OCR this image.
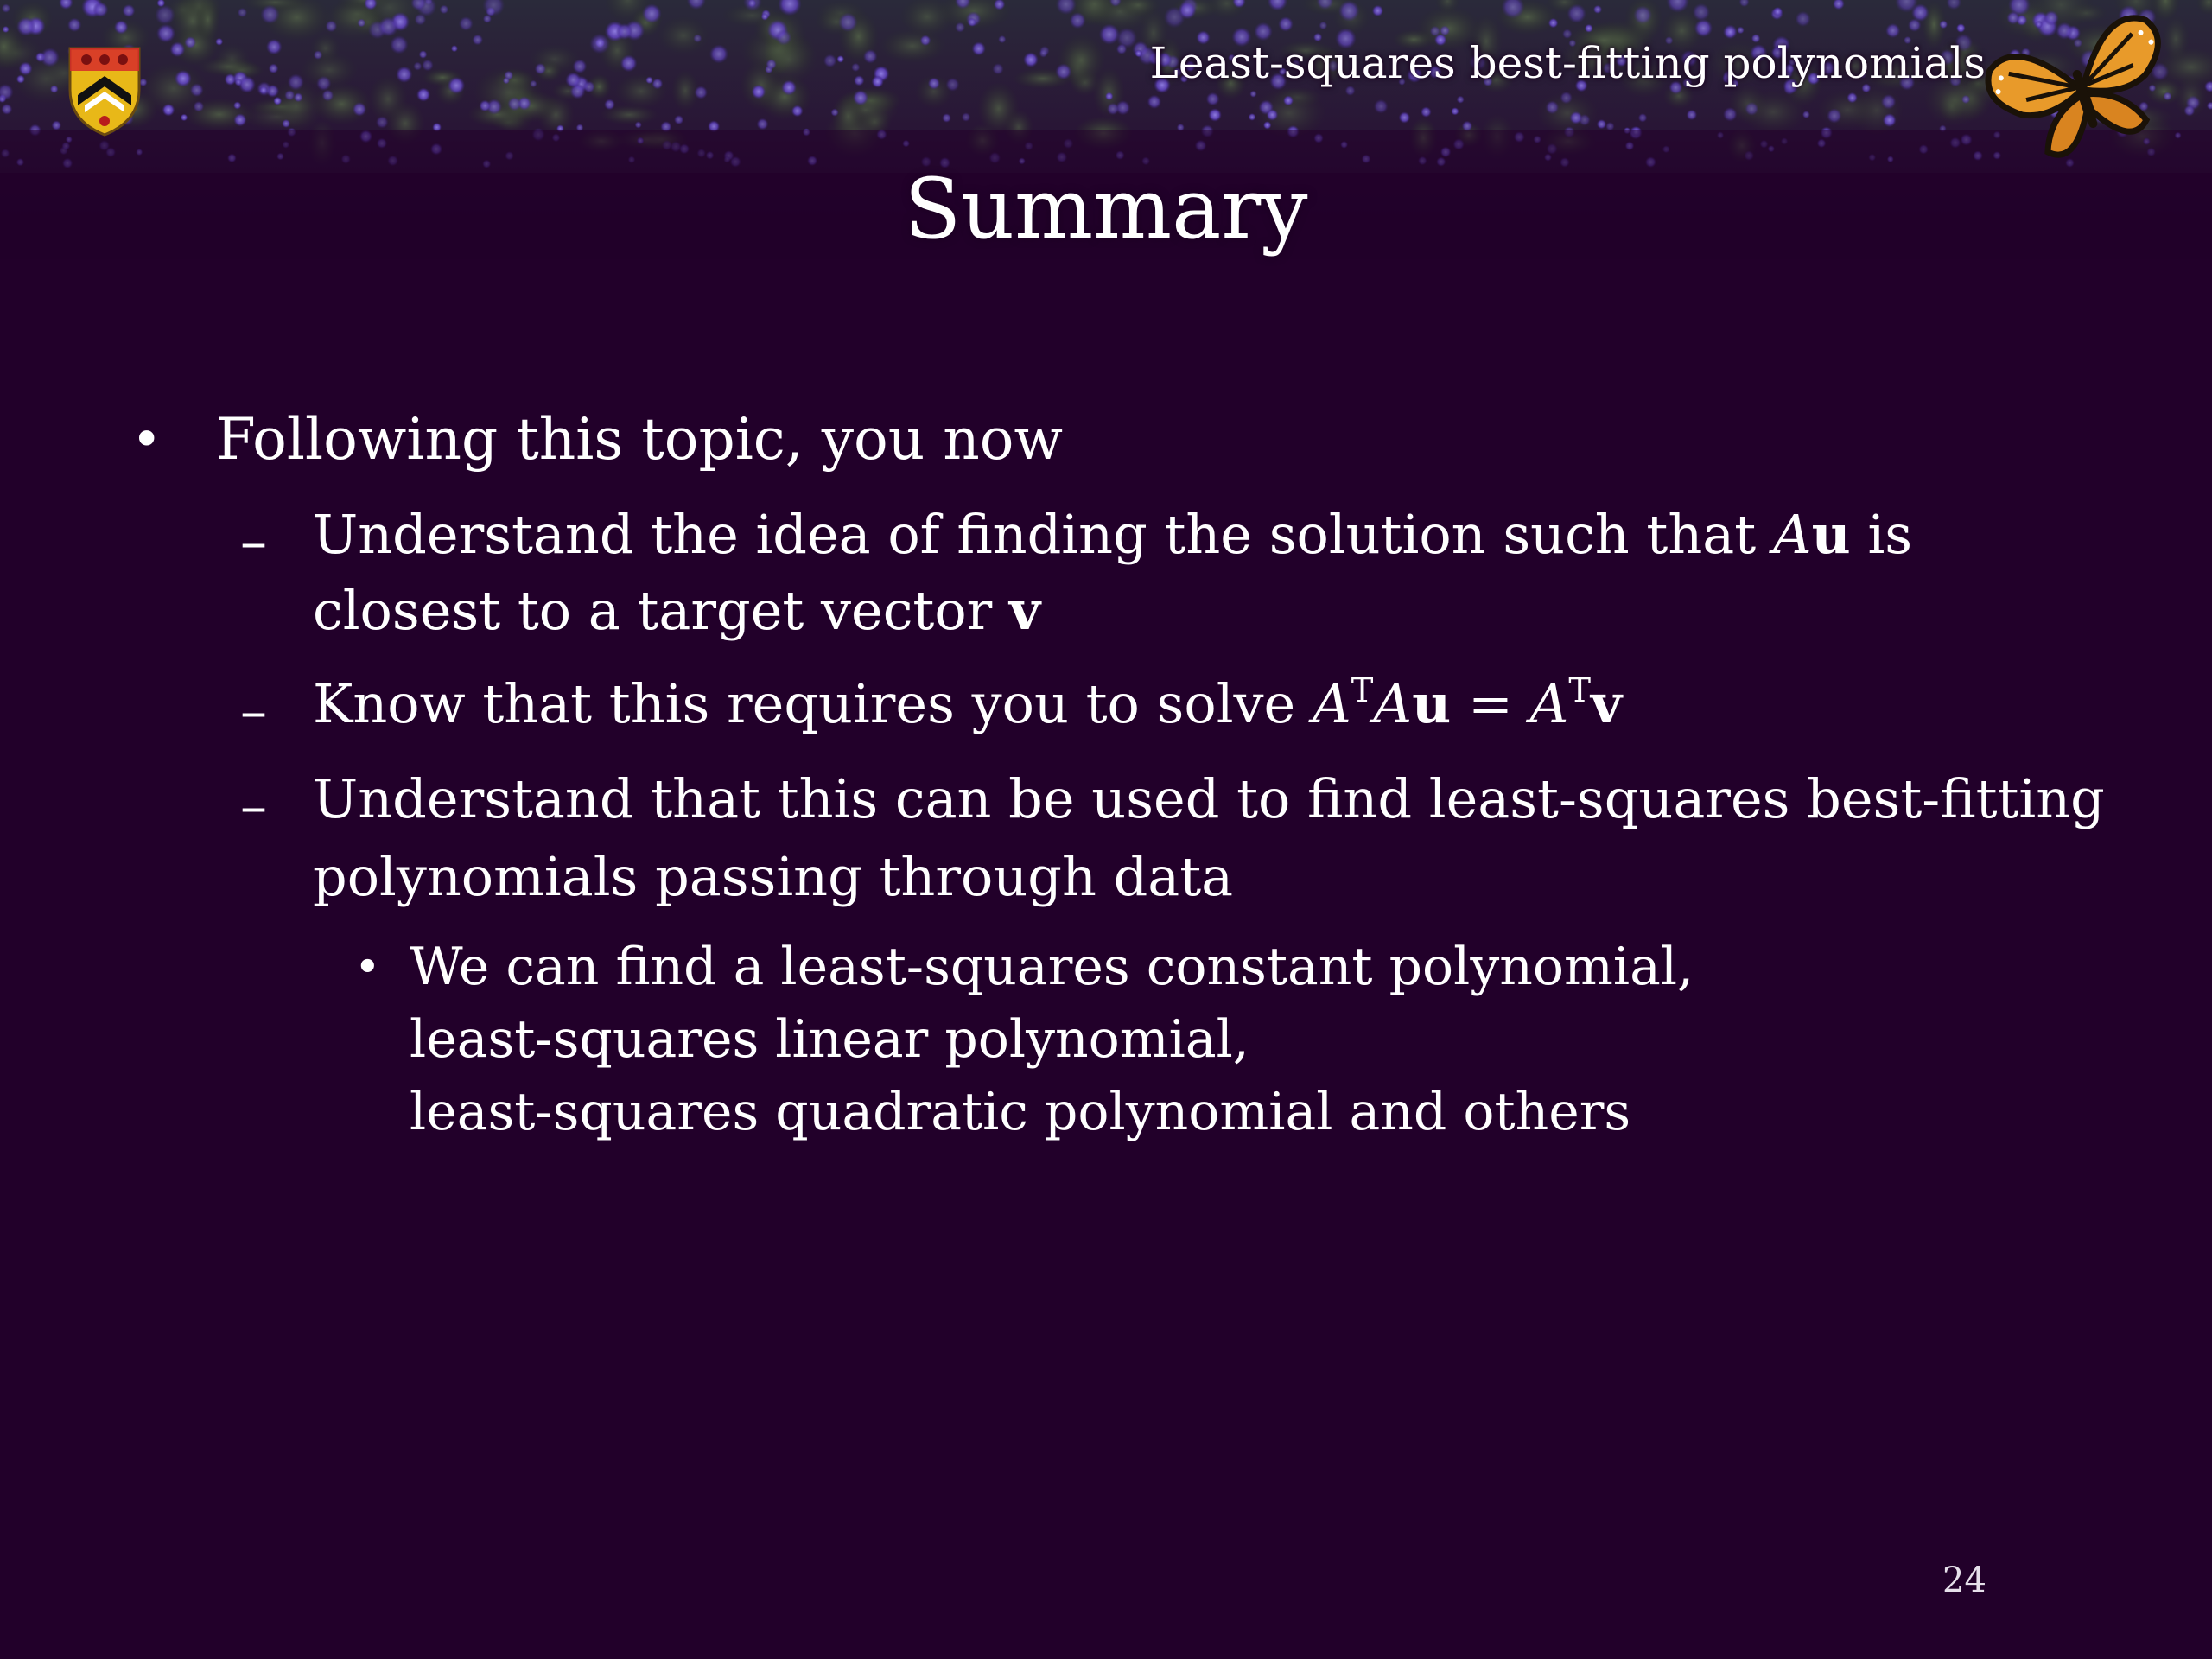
Least-squares best-fitting polynomials
Summary
• Following this topic, you now
– Understand the idea of finding the solution such that Au is
closest to a target vector v
– Know that this requires you to solve $A^TAu = A^Tv$
– Understand that this can be used to find least-squares best-fitting
polynomials passing through data
• We can find a least-squares constant polynomial,
least-squares linear polynomial,
least-squares quadratic polynomial and others
24
